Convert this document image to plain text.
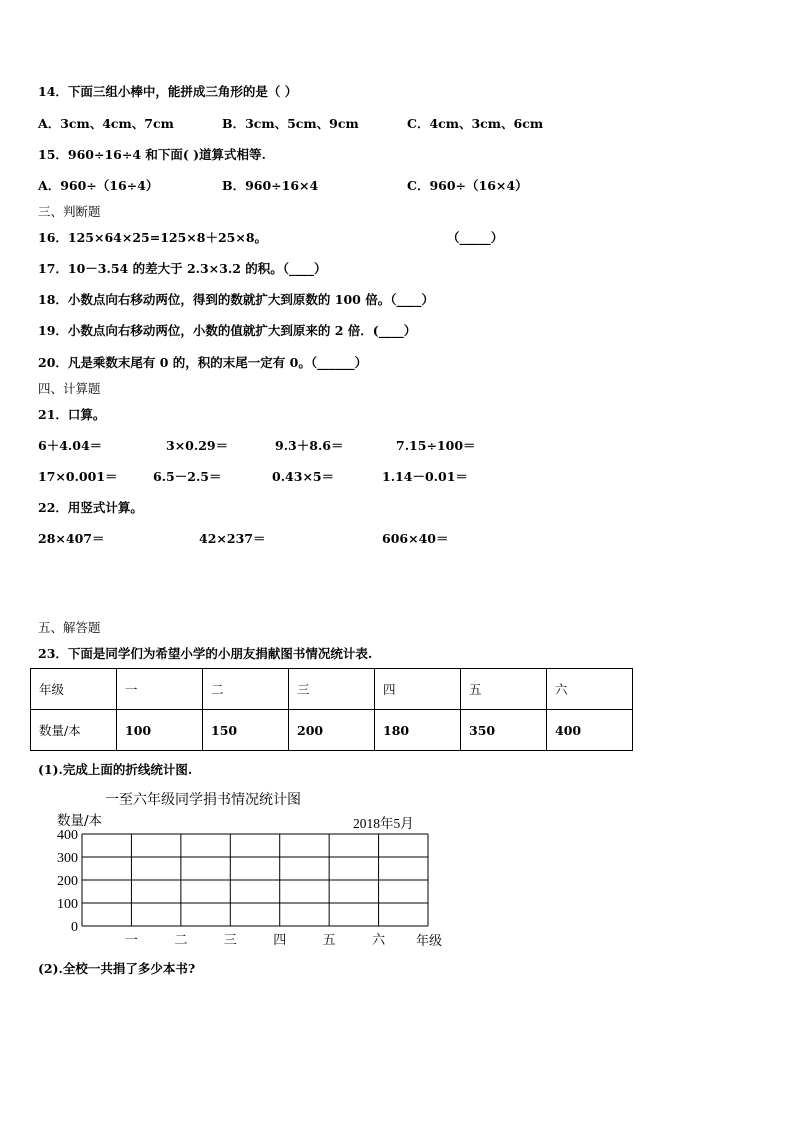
14．下面三组小棒中，能拼成三角形的是（ ）
A．3cm、4cm、7cm	B．3cm、5cm、9cm	C．4cm、3cm、6cm
15．960÷16÷4 和下面( )道算式相等.
A．960÷（16÷4）	B．960÷16×4	C．960÷（16×4）
三、判断题
16．125×64×25=125×8＋25×8。	（_____）
17．10－3.54 的差大于 2.3×3.2 的积。（____）
18．小数点向右移动两位，得到的数就扩大到原数的 100 倍。（____）
19．小数点向右移动两位，小数的值就扩大到原来的 2 倍．(____）
20．凡是乘数末尾有 0 的，积的末尾一定有 0。（______）
四、计算题
21．口算。
6＋4.04＝	3×0.29＝	9.3＋8.6＝	7.15÷100＝
17×0.001＝	6.5－2.5＝	0.43×5＝	1.14－0.01＝
22．用竖式计算。
28×407＝	42×237＝	606×40＝
五、解答题
23．下面是同学们为希望小学的小朋友捐献图书情况统计表.
年级	一	二	三	四	五	六
数量/本	100	150	200	180	350	400
(1).完成上面的折线统计图.
一至六年级同学捐书情况统计图
数量/本	2018年5月
0
100
200
300
400
一	二	三	四	五	六 年级
(2).全校一共捐了多少本书?
